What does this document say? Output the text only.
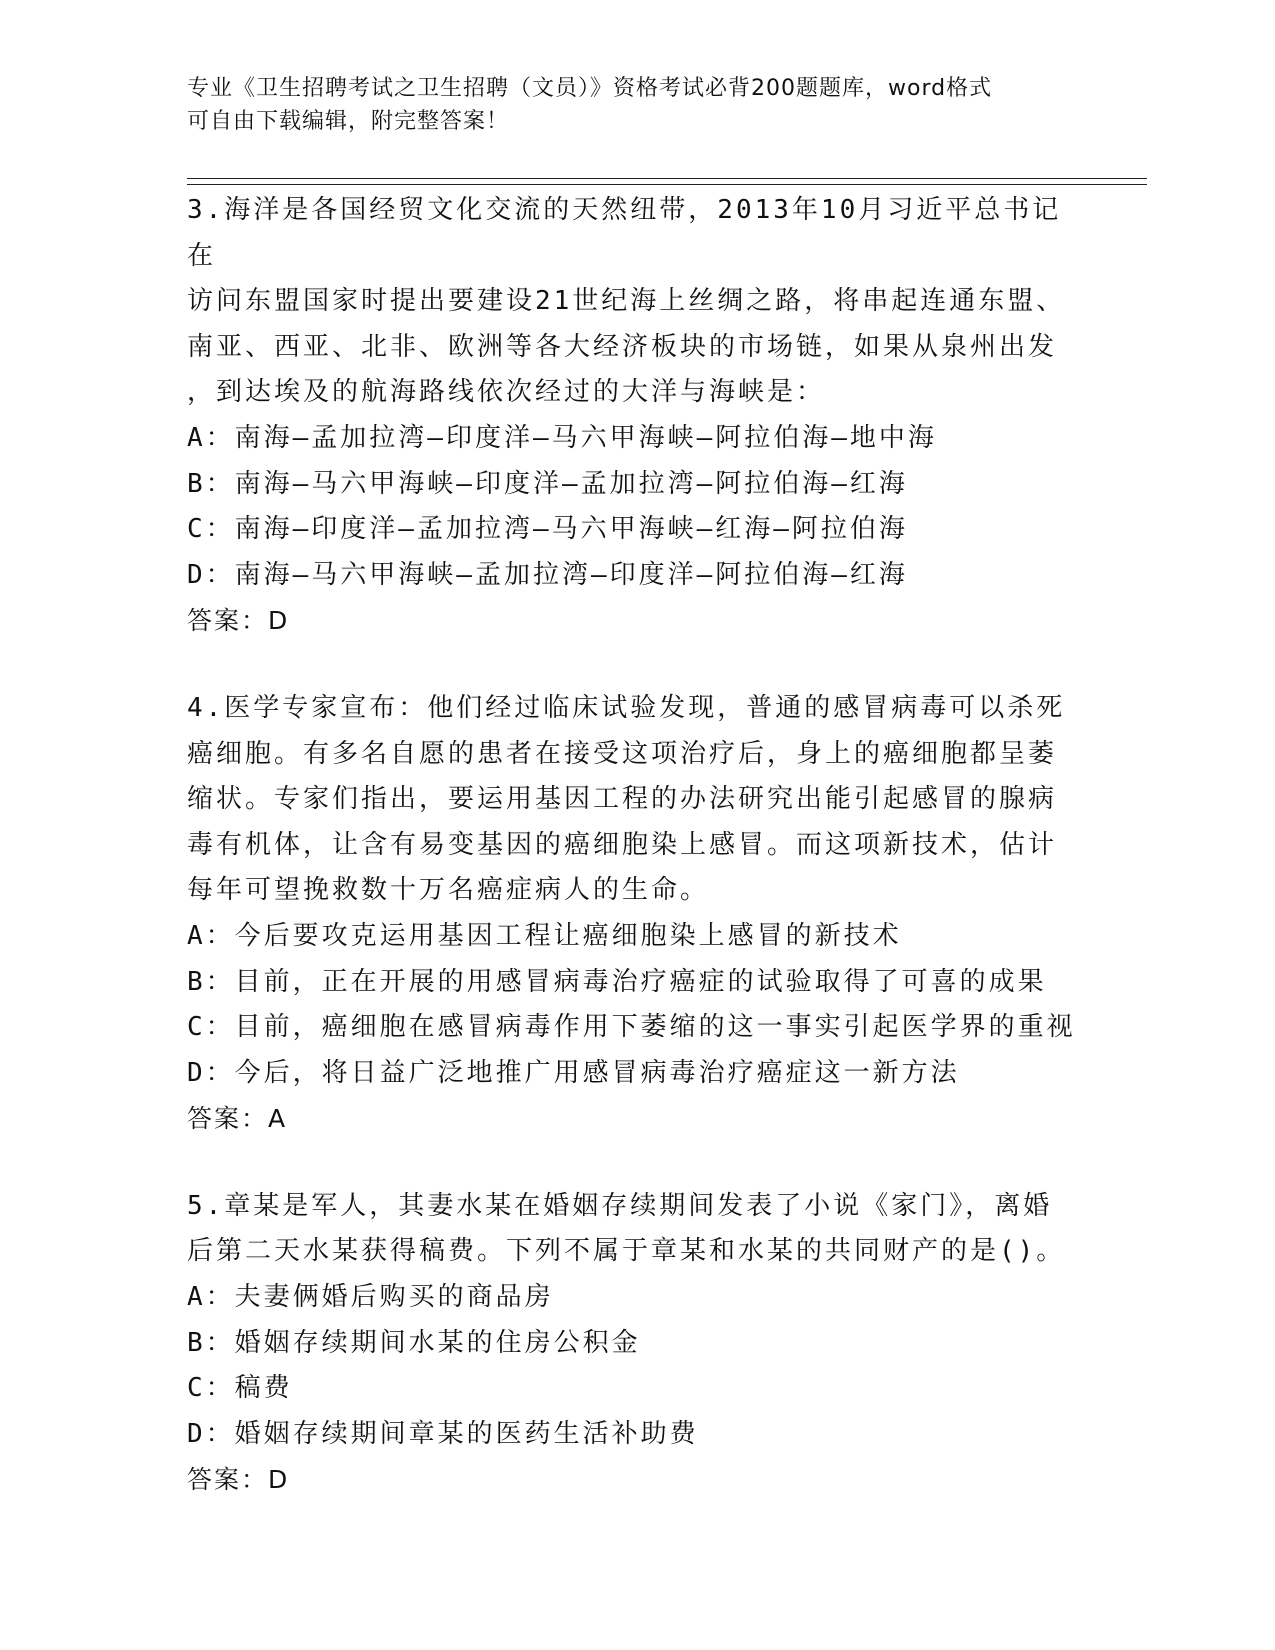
专业《卫生招聘考试之卫生招聘（文员）》资格考试必背200题题库，word格式
可自由下载编辑，附完整答案！

3.海洋是各国经贸文化交流的天然纽带，2013年10月习近平总书记在

访问东盟国家时提出要建设21世纪海上丝绸之路，将串起连通东盟、

南亚、西亚、北非、欧洲等各大经济板块的市场链，如果从泉州出发

，到达埃及的航海路线依次经过的大洋与海峡是：

A：南海—孟加拉湾—印度洋—马六甲海峡—阿拉伯海—地中海

B：南海—马六甲海峡—印度洋—孟加拉湾—阿拉伯海—红海

C：南海—印度洋—孟加拉湾—马六甲海峡—红海—阿拉伯海

D：南海—马六甲海峡—孟加拉湾—印度洋—阿拉伯海—红海

答案：D

4.医学专家宣布：他们经过临床试验发现，普通的感冒病毒可以杀死

癌细胞。有多名自愿的患者在接受这项治疗后，身上的癌细胞都呈萎

缩状。专家们指出，要运用基因工程的办法研究出能引起感冒的腺病

毒有机体，让含有易变基因的癌细胞染上感冒。而这项新技术，估计

每年可望挽救数十万名癌症病人的生命。

A：今后要攻克运用基因工程让癌细胞染上感冒的新技术

B：目前，正在开展的用感冒病毒治疗癌症的试验取得了可喜的成果

C：目前，癌细胞在感冒病毒作用下萎缩的这一事实引起医学界的重视

D：今后，将日益广泛地推广用感冒病毒治疗癌症这一新方法

答案：A

5.章某是军人，其妻水某在婚姻存续期间发表了小说《家门》，离婚

后第二天水某获得稿费。下列不属于章某和水某的共同财产的是()。

A：夫妻俩婚后购买的商品房

B：婚姻存续期间水某的住房公积金

C：稿费

D：婚姻存续期间章某的医药生活补助费

答案：D
